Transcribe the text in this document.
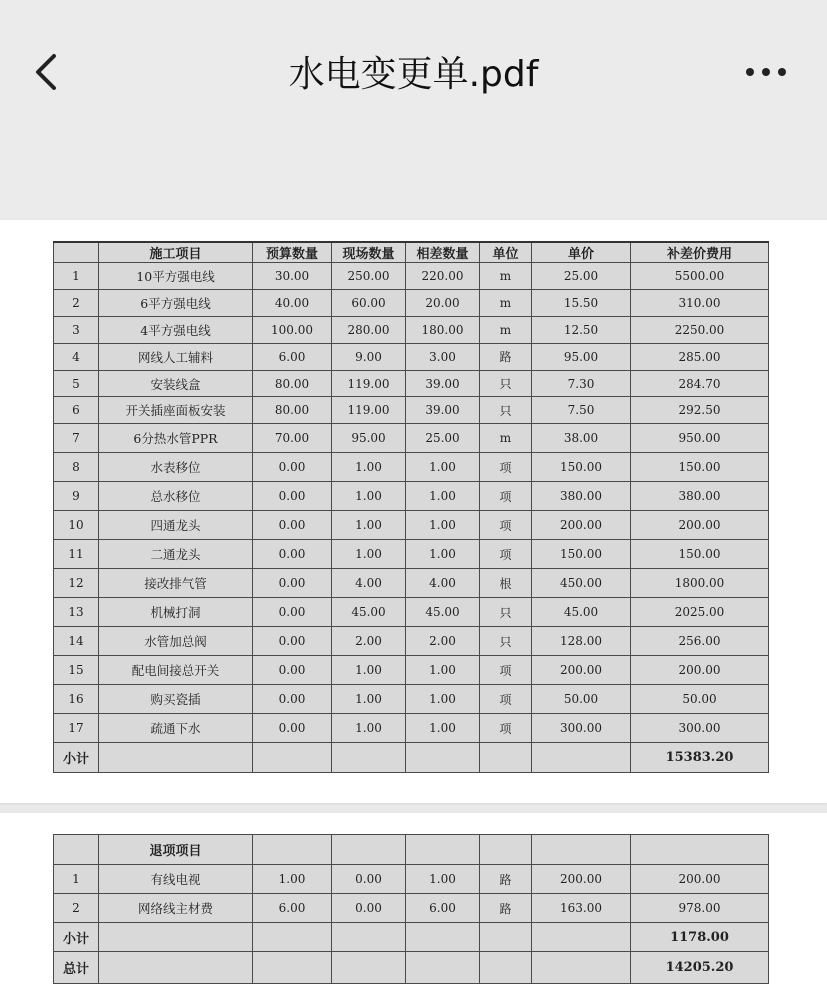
水电变更单.pdf
	施工项目	预算数量	现场数量	相差数量	单位	单价	补差价费用
1	10平方强电线	30.00	250.00	220.00	m	25.00	5500.00
2	6平方强电线	40.00	60.00	20.00	m	15.50	310.00
3	4平方强电线	100.00	280.00	180.00	m	12.50	2250.00
4	网线人工辅料	6.00	9.00	3.00	路	95.00	285.00
5	安装线盒	80.00	119.00	39.00	只	7.30	284.70
6	开关插座面板安装	80.00	119.00	39.00	只	7.50	292.50
7	6分热水管PPR	70.00	95.00	25.00	m	38.00	950.00
8	水表移位	0.00	1.00	1.00	项	150.00	150.00
9	总水移位	0.00	1.00	1.00	项	380.00	380.00
10	四通龙头	0.00	1.00	1.00	项	200.00	200.00
11	二通龙头	0.00	1.00	1.00	项	150.00	150.00
12	接改排气管	0.00	4.00	4.00	根	450.00	1800.00
13	机械打洞	0.00	45.00	45.00	只	45.00	2025.00
14	水管加总阀	0.00	2.00	2.00	只	128.00	256.00
15	配电间接总开关	0.00	1.00	1.00	项	200.00	200.00
16	购买瓷插	0.00	1.00	1.00	项	50.00	50.00
17	疏通下水	0.00	1.00	1.00	项	300.00	300.00
小计							15383.20
	退项项目						
1	有线电视	1.00	0.00	1.00	路	200.00	200.00
2	网络线主材费	6.00	0.00	6.00	路	163.00	978.00
小计							1178.00
总计							14205.20
